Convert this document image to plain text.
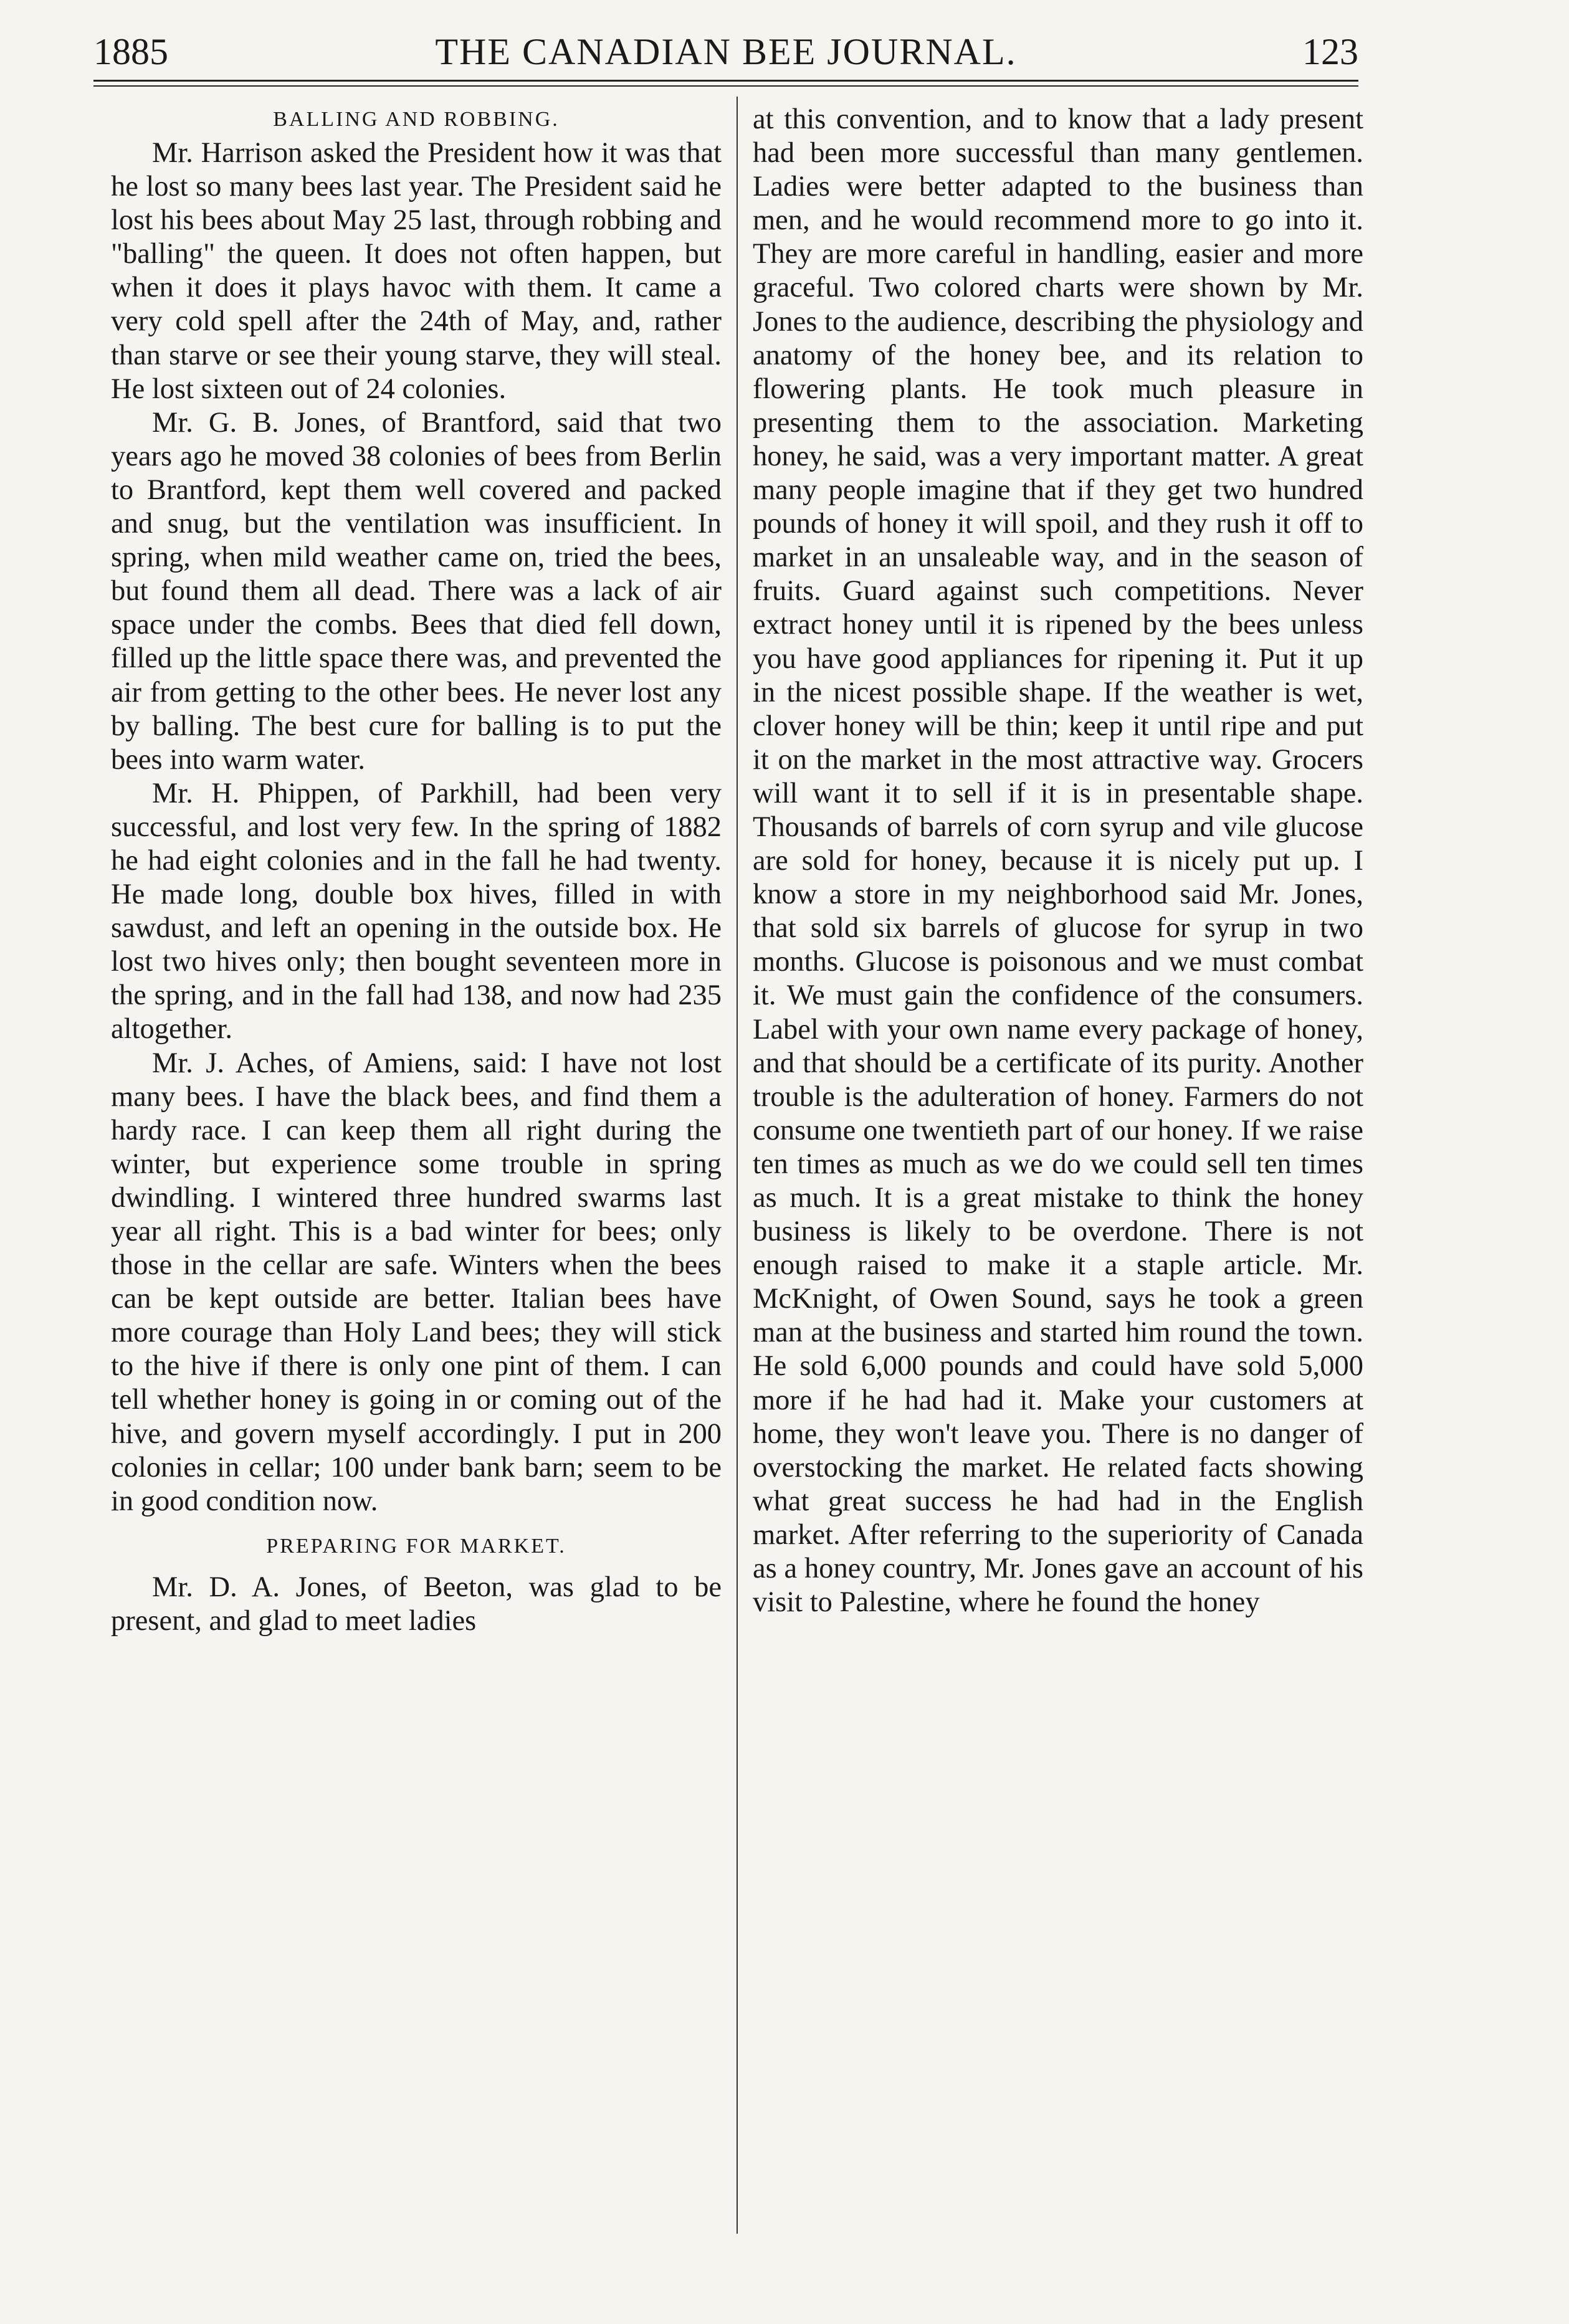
1885	THE CANADIAN BEE JOURNAL.	123
BALLING AND ROBBING.

Mr. Harrison asked the President how it was that he lost so many bees last year. The President said he lost his bees about May 25 last, through robbing and "balling" the queen. It does not often happen, but when it does it plays havoc with them. It came a very cold spell after the 24th of May, and, rather than starve or see their young starve, they will steal. He lost sixteen out of 24 colonies.

Mr. G. B. Jones, of Brantford, said that two years ago he moved 38 colonies of bees from Berlin to Brantford, kept them well covered and packed and snug, but the ventilation was insufficient. In spring, when mild weather came on, tried the bees, but found them all dead. There was a lack of air space under the combs. Bees that died fell down, filled up the little space there was, and prevented the air from getting to the other bees. He never lost any by balling. The best cure for balling is to put the bees into warm water.

Mr. H. Phippen, of Parkhill, had been very successful, and lost very few. In the spring of 1882 he had eight colonies and in the fall he had twenty. He made long, double box hives, filled in with sawdust, and left an opening in the outside box. He lost two hives only; then bought seventeen more in the spring, and in the fall had 138, and now had 235 altogether.

Mr. J. Aches, of Amiens, said: I have not lost many bees. I have the black bees, and find them a hardy race. I can keep them all right during the winter, but experience some trouble in spring dwindling. I wintered three hundred swarms last year all right. This is a bad winter for bees; only those in the cellar are safe. Winters when the bees can be kept outside are better. Italian bees have more courage than Holy Land bees; they will stick to the hive if there is only one pint of them. I can tell whether honey is going in or coming out of the hive, and govern myself accordingly. I put in 200 colonies in cellar; 100 under bank barn; seem to be in good condition now.

PREPARING FOR MARKET.

Mr. D. A. Jones, of Beeton, was glad to be present, and glad to meet ladies

at this convention, and to know that a lady present had been more successful than many gentlemen. Ladies were better adapted to the business than men, and he would recommend more to go into it. They are more careful in handling, easier and more graceful. Two colored charts were shown by Mr. Jones to the audience, describing the physiology and anatomy of the honey bee, and its relation to flowering plants. He took much pleasure in presenting them to the association. Marketing honey, he said, was a very important matter. A great many people imagine that if they get two hundred pounds of honey it will spoil, and they rush it off to market in an unsaleable way, and in the season of fruits. Guard against such competitions. Never extract honey until it is ripened by the bees unless you have good appliances for ripening it. Put it up in the nicest possible shape. If the weather is wet, clover honey will be thin; keep it until ripe and put it on the market in the most attractive way. Grocers will want it to sell if it is in presentable shape. Thousands of barrels of corn syrup and vile glucose are sold for honey, because it is nicely put up. I know a store in my neighborhood said Mr. Jones, that sold six barrels of glucose for syrup in two months. Glucose is poisonous and we must combat it. We must gain the confidence of the consumers. Label with your own name every package of honey, and that should be a certificate of its purity. Another trouble is the adulteration of honey. Farmers do not consume one twentieth part of our honey. If we raise ten times as much as we do we could sell ten times as much. It is a great mistake to think the honey business is likely to be overdone. There is not enough raised to make it a staple article. Mr. McKnight, of Owen Sound, says he took a green man at the business and started him round the town. He sold 6,000 pounds and could have sold 5,000 more if he had had it. Make your customers at home, they won't leave you. There is no danger of overstocking the market. He related facts showing what great success he had had in the English market. After referring to the superiority of Canada as a honey country, Mr. Jones gave an account of his visit to Palestine, where he found the honey
